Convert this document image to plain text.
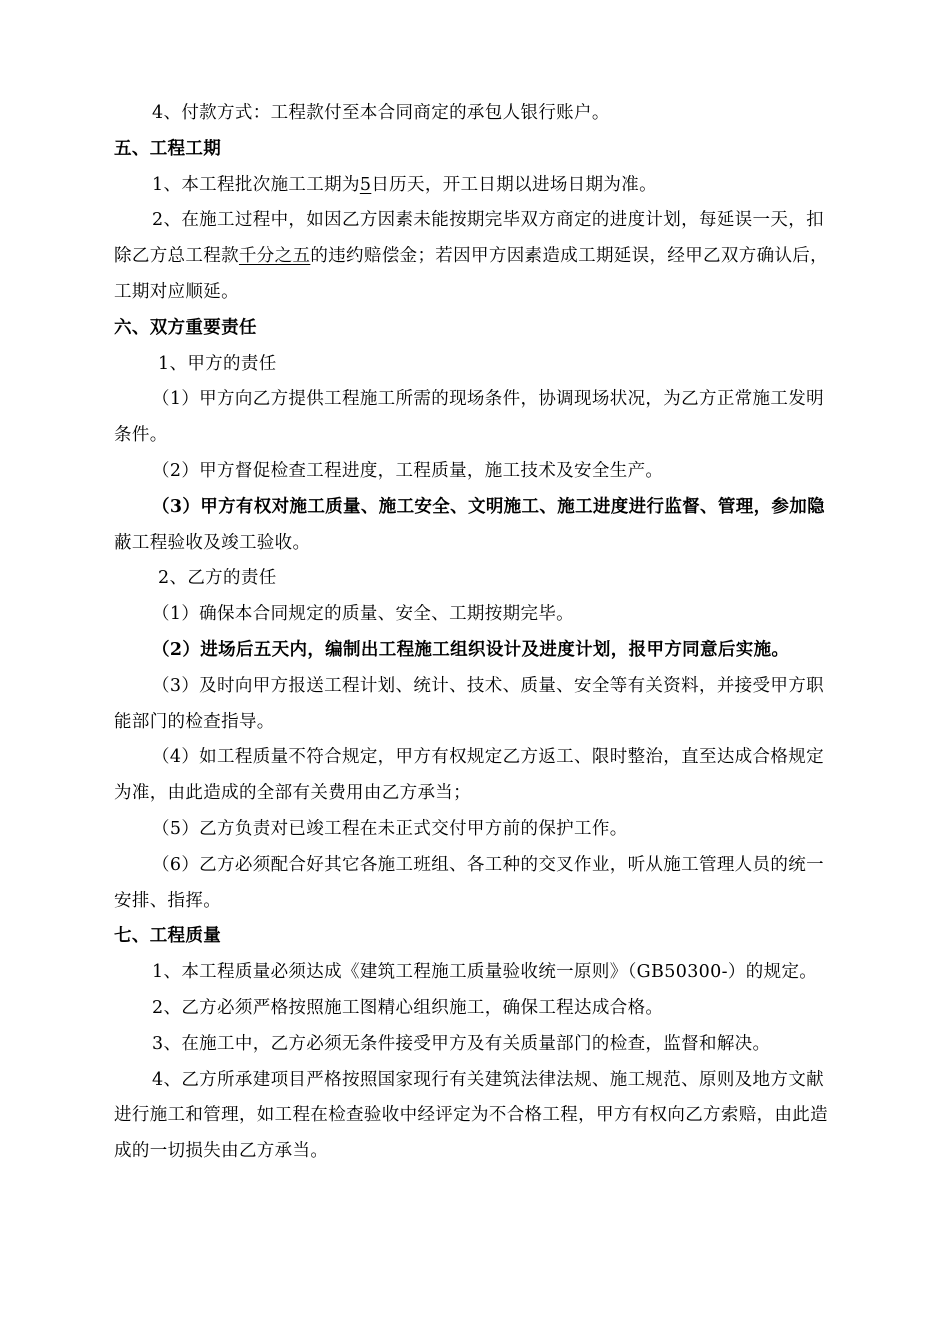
4、付款方式：工程款付至本合同商定的承包人银行账户。
五、工程工期
1、本工程批次施工工期为5日历天，开工日期以进场日期为准。
2、在施工过程中，如因乙方因素未能按期完毕双方商定的进度计划，每延误一天，扣
除乙方总工程款千分之五的违约赔偿金；若因甲方因素造成工期延误，经甲乙双方确认后，
工期对应顺延。
六、双方重要责任
1、甲方的责任
（1）甲方向乙方提供工程施工所需的现场条件，协调现场状况，为乙方正常施工发明
条件。
（2）甲方督促检查工程进度，工程质量，施工技术及安全生产。
（3）甲方有权对施工质量、施工安全、文明施工、施工进度进行监督、管理，参加隐
蔽工程验收及竣工验收。
2、乙方的责任
（1）确保本合同规定的质量、安全、工期按期完毕。
（2）进场后五天内，编制出工程施工组织设计及进度计划，报甲方同意后实施。
（3）及时向甲方报送工程计划、统计、技术、质量、安全等有关资料，并接受甲方职
能部门的检查指导。
（4）如工程质量不符合规定，甲方有权规定乙方返工、限时整治，直至达成合格规定
为准，由此造成的全部有关费用由乙方承当；
（5）乙方负责对已竣工程在未正式交付甲方前的保护工作。
（6）乙方必须配合好其它各施工班组、各工种的交叉作业，听从施工管理人员的统一
安排、指挥。
七、工程质量
1、本工程质量必须达成《建筑工程施工质量验收统一原则》（GB50300-）的规定。
2、乙方必须严格按照施工图精心组织施工，确保工程达成合格。
3、在施工中，乙方必须无条件接受甲方及有关质量部门的检查，监督和解决。
4、乙方所承建项目严格按照国家现行有关建筑法律法规、施工规范、原则及地方文献
进行施工和管理，如工程在检查验收中经评定为不合格工程，甲方有权向乙方索赔，由此造
成的一切损失由乙方承当。
